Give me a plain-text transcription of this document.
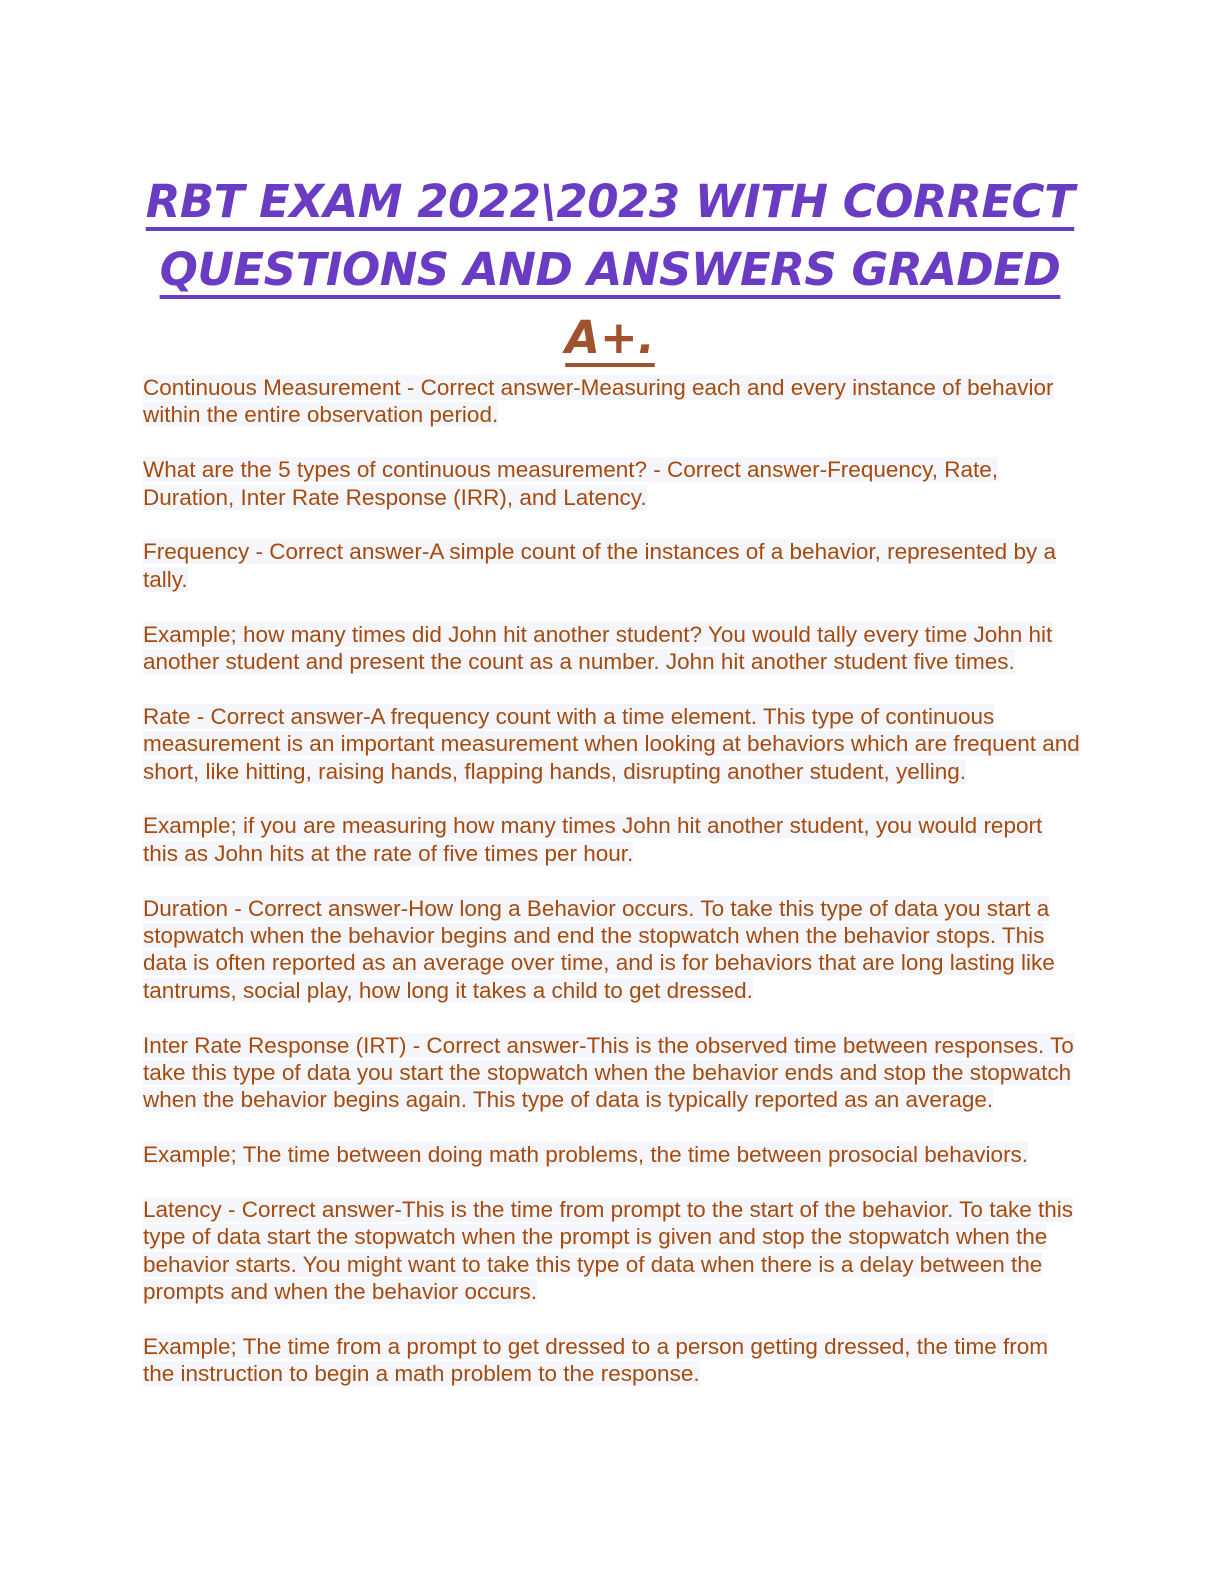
RBT EXAM 2022\2023 WITH CORRECT
QUESTIONS AND ANSWERS GRADED
A+.

Continuous Measurement - Correct answer-Measuring each and every instance of behavior within the entire observation period.

What are the 5 types of continuous measurement? - Correct answer-Frequency, Rate, Duration, Inter Rate Response (IRR), and Latency.

Frequency - Correct answer-A simple count of the instances of a behavior, represented by a tally.

Example; how many times did John hit another student? You would tally every time John hit another student and present the count as a number. John hit another student five times.

Rate - Correct answer-A frequency count with a time element. This type of continuous measurement is an important measurement when looking at behaviors which are frequent and short, like hitting, raising hands, flapping hands, disrupting another student, yelling.

Example; if you are measuring how many times John hit another student, you would report this as John hits at the rate of five times per hour.

Duration - Correct answer-How long a Behavior occurs. To take this type of data you start a stopwatch when the behavior begins and end the stopwatch when the behavior stops. This data is often reported as an average over time, and is for behaviors that are long lasting like tantrums, social play, how long it takes a child to get dressed.

Inter Rate Response (IRT) - Correct answer-This is the observed time between responses. To take this type of data you start the stopwatch when the behavior ends and stop the stopwatch when the behavior begins again. This type of data is typically reported as an average.

Example; The time between doing math problems, the time between prosocial behaviors.

Latency - Correct answer-This is the time from prompt to the start of the behavior. To take this type of data start the stopwatch when the prompt is given and stop the stopwatch when the behavior starts. You might want to take this type of data when there is a delay between the prompts and when the behavior occurs.

Example; The time from a prompt to get dressed to a person getting dressed, the time from the instruction to begin a math problem to the response.
